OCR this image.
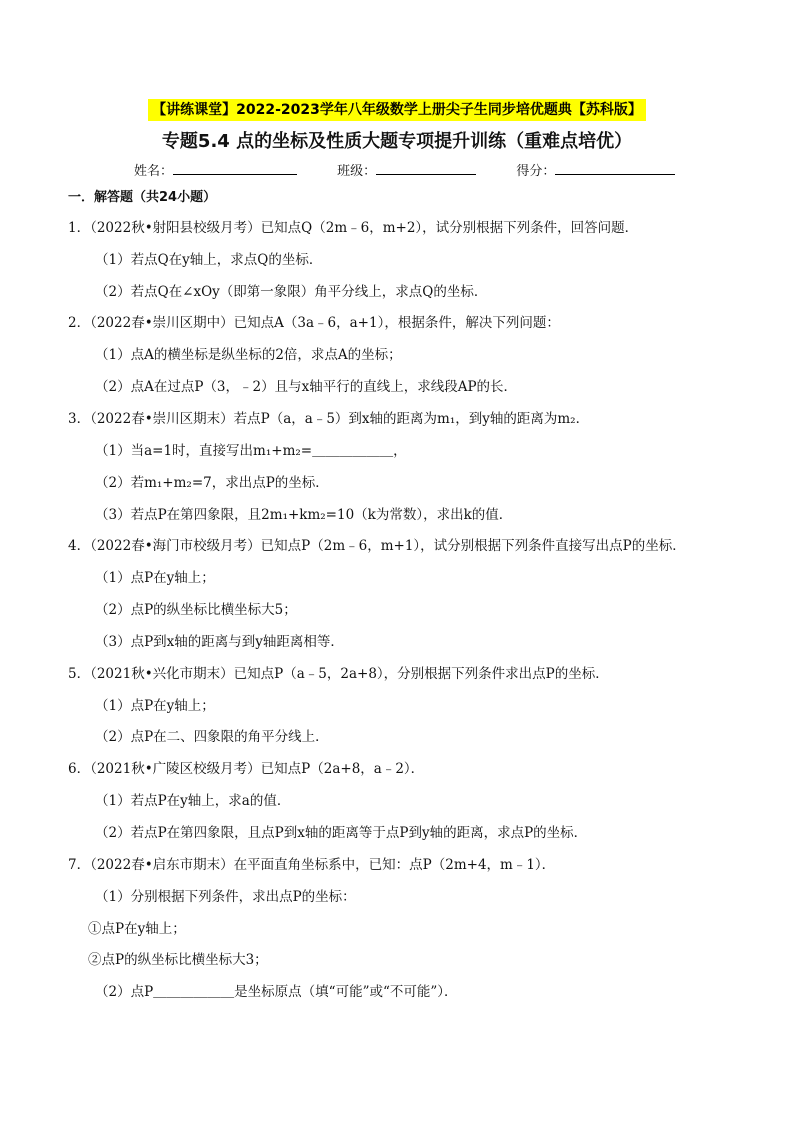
【讲练课堂】2022-2023学年八年级数学上册尖子生同步培优题典【苏科版】
专题5.4 点的坐标及性质大题专项提升训练（重难点培优）
姓名：	班级：	得分：
一．解答题（共24小题）
1．（2022秋•射阳县校级月考）已知点Q（2m﹣6，m+2），试分别根据下列条件，回答问题．
（1）若点Q在y轴上，求点Q的坐标．
（2）若点Q在∠xOy（即第一象限）角平分线上，求点Q的坐标．
2．（2022春•崇川区期中）已知点A（3a﹣6，a+1），根据条件，解决下列问题：
（1）点A的横坐标是纵坐标的2倍，求点A的坐标；
（2）点A在过点P（3，﹣2）且与x轴平行的直线上，求线段AP的长．
3．（2022春•崇川区期末）若点P（a，a﹣5）到x轴的距离为m₁，到y轴的距离为m₂．
（1）当a=1时，直接写出m₁+m₂=＿＿＿＿＿＿，
（2）若m₁+m₂=7，求出点P的坐标．
（3）若点P在第四象限，且2m₁+km₂=10（k为常数），求出k的值．
4．（2022春•海门市校级月考）已知点P（2m﹣6，m+1），试分别根据下列条件直接写出点P的坐标．
（1）点P在y轴上；
（2）点P的纵坐标比横坐标大5；
（3）点P到x轴的距离与到y轴距离相等．
5．（2021秋•兴化市期末）已知点P（a﹣5，2a+8），分别根据下列条件求出点P的坐标．
（1）点P在y轴上；
（2）点P在二、四象限的角平分线上．
6．（2021秋•广陵区校级月考）已知点P（2a+8，a﹣2）．
（1）若点P在y轴上，求a的值．
（2）若点P在第四象限，且点P到x轴的距离等于点P到y轴的距离，求点P的坐标．
7．（2022春•启东市期末）在平面直角坐标系中，已知：点P（2m+4，m﹣1）．
（1）分别根据下列条件，求出点P的坐标：
①点P在y轴上；
②点P的纵坐标比横坐标大3；
（2）点P＿＿＿＿＿＿是坐标原点（填“可能”或“不可能”）．
